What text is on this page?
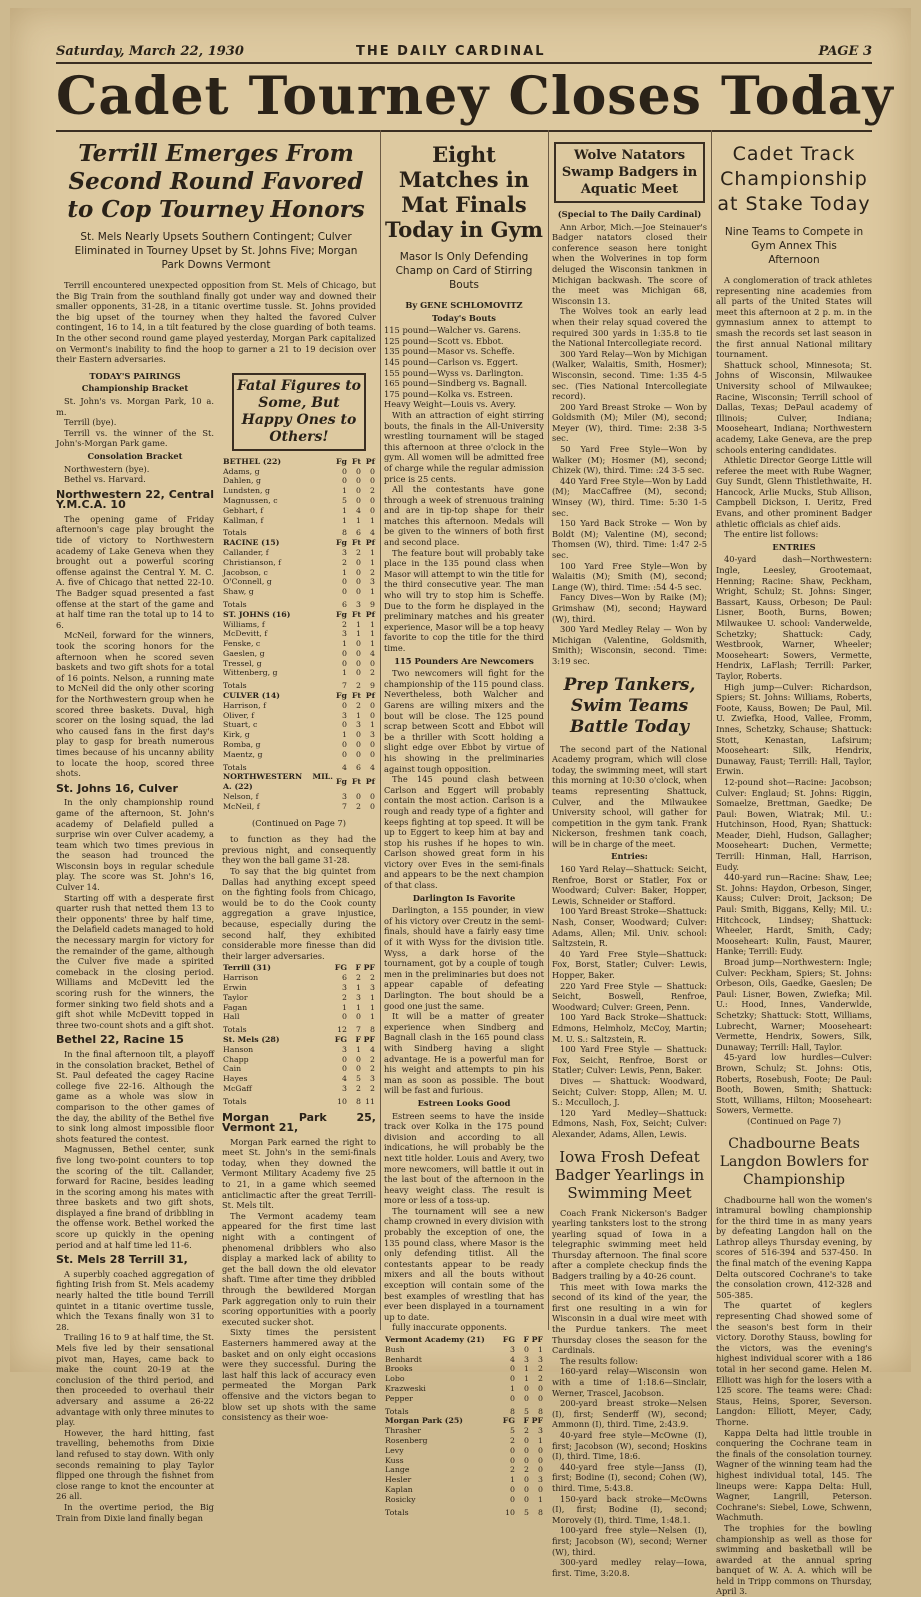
Saturday, March 22, 1930	THE DAILY CARDINAL	PAGE 3
Cadet Tourney Closes Today
Terrill Emerges From Second Round Favored to Cop Tourney Honors
St. Mels Nearly Upsets Southern Contingent; Culver Eliminated in Tourney Upset by St. Johns Five; Morgan Park Downs Vermont

Terrill encountered unexpected opposition from St. Mels of Chicago, but the Big Train from the southland finally got under way and downed their smaller opponents, 31-28, in a titanic overtime tussle. St. Johns provided the big upset of the tourney when they halted the favored Culver contingent, 16 to 14, in a tilt featured by the close guarding of both teams. In the other second round game played yesterday, Morgan Park capitalized on Vermont's inability to find the hoop to garner a 21 to 19 decision over their Eastern adversaries.

TODAY'S PAIRINGS
Championship Bracket

St. John's vs. Morgan Park, 10 a. m.

Terrill (bye).

Terrill vs. the winner of the St. John's-Morgan Park game.

Consolation Bracket

Northwestern (bye).

Bethel vs. Harvard.

Northwestern 22, Central Y.M.C.A. 10

The opening game of Friday afternoon's cage play brought the tide of victory to Northwestern academy of Lake Geneva when they brought out a powerful scoring offense against the Central Y. M. C. A. five of Chicago that netted 22-10. The Badger squad presented a fast offense at the start of the game and at half time ran the total up to 14 to 6.

McNeil, forward for the winners, took the scoring honors for the afternoon when he scored seven baskets and two gift shots for a total of 16 points. Nelson, a running mate to McNeil did the only other scoring for the Northwestern group when he scored three baskets. Duval, high scorer on the losing squad, the lad who caused fans in the first day's play to gasp for breath numerous times because of his uncanny ability to locate the hoop, scored three shots.

St. Johns 16, Culver

In the only championship round game of the afternoon, St. John's academy of Delafield pulled a surprise win over Culver academy, a team which two times previous in the season had trounced the Wisconsin boys in regular schedule play. The score was St. John's 16, Culver 14.

Starting off with a desperate first quarter rush that netted them 13 to their opponents' three by half time, the Delafield cadets managed to hold the necessary margin for victory for the remainder of the game, although the Culver five made a spirited comeback in the closing period. Williams and McDevitt led the scoring rush for the winners, the former sinking two field shots and a gift shot while McDevitt topped in three two-count shots and a gift shot.

Bethel 22, Racine 15

In the final afternoon tilt, a playoff in the consolation bracket, Bethel of St. Paul defeated the cagey Racine college five 22-16. Although the game as a whole was slow in comparison to the other games of the day, the ability of the Bethel five to sink long almost impossible floor shots featured the contest.

Magnussen, Bethel center, sunk five long two-point counters to top the scoring of the tilt. Callander, forward for Racine, besides leading in the scoring among his mates with three baskets and two gift shots, displayed a fine brand of dribbling in the offense work. Bethel worked the score up quickly in the opening period and at half time led 11-6.

St. Mels 28 Terrill 31,

A superbly coached aggregation of fighting Irish from St. Mels academy nearly halted the title bound Terrill quintet in a titanic overtime tussle, which the Texans finally won 31 to 28.

Trailing 16 to 9 at half time, the St. Mels five led by their sensational pivot man, Hayes, came back to make the count 20-19 at the conclusion of the third period, and then proceeded to overhaul their adversary and assume a 26-22 advantage with only three minutes to play.

However, the hard hitting, fast travelling, behemoths from Dixie land refused to stay down. With only seconds remaining to play Taylor flipped one through the fishnet from close range to knot the encounter at 26 all.

In the overtime period, the Big Train from Dixie land finally began

Fatal Figures to Some, But Happy Ones to Others!
BETHEL (22)	Fg	Ft	Pf
Adams, g	0	0	0
Dahlen, g	0	0	0
Lundsten, g	1	0	2
Magnussen, c	5	0	0
Gebhart, f	1	4	0
Kallman, f	1	1	1
Totals	8	6	4
RACINE (15)	Fg	Ft	Pf
Callander, f	3	2	1
Christianson, f	2	0	1
Jacobson, c	1	0	2
O'Connell, g	0	0	3
Shaw, g	0	0	1
Totals	6	3	9
ST. JOHNS (16)	Fg	Ft	Pf
Williams, f	2	1	1
McDevitt, f	3	1	1
Fenske, c	1	0	1
Gaeslen, g	0	0	4
Tressel, g	0	0	0
Wittenberg, g	1	0	2
Totals	7	2	9
CULVER (14)	Fg	Ft	Pf
Harrison, f	0	2	0
Oliver, f	3	1	0
Stuart, c	0	3	1
Kirk, g	1	0	3
Romba, g	0	0	0
Maentz, g	0	0	0
Totals	4	6	4
NORTHWESTERN MIL. A. (22)	Fg	Ft	Pf
Nelson, f	3	0	0
McNeil, f	7	2	0
(Continued on Page 7)

to function as they had the previous night, and consequently they won the ball game 31-28.

To say that the big quintet from Dallas had anything except speed on the fighting fools from Chicago, would be to do the Cook county aggregation a grave injustice, because, especially during the second half, they exhibited considerable more finesse than did their larger adversaries.

Terrill (31)	FG	F	PF
Harrison	6	2	2
Erwin	3	1	3
Taylor	2	3	1
Fagan	1	1	1
Hall	0	0	1
Totals	12	7	8
St. Mels (28)	FG	F	PF
Hanson	3	1	4
Chapp	0	0	2
Cain	0	0	2
Hayes	4	5	3
McGaff	3	2	2
Totals	10	8	11
Morgan Park 25, Vermont 21,

Morgan Park earned the right to meet St. John's in the semi-finals today, when they downed the Vermont Military Academy five 25 to 21, in a game which seemed anticlimactic after the great Terrill-St. Mels tilt.

The Vermont academy team appeared for the first time last night with a contingent of phenomenal dribblers who also display a marked lack of ability to get the ball down the old elevator shaft. Time after time they dribbled through the bewildered Morgan Park aggregation only to ruin their scoring opportunities with a poorly executed sucker shot.

Sixty times the persistent Easterners hammered away at the basket and on only eight occasions were they successful. During the last half this lack of accuracy even permeated the Morgan Park offensive and the victors began to blow set up shots with the same consistency as their woe-

Eight Matches in Mat Finals Today in Gym
Masor Is Only Defending Champ on Card of Stirring Bouts
By GENE SCHLOMOVITZ
Today's Bouts
115 pound—Walcher vs. Garens.
125 pound—Scott vs. Ebbot.
135 pound—Masor vs. Scheffe.
145 pound—Carlson vs. Eggert.
155 pound—Wyss vs. Darlington.
165 pound—Sindberg vs. Bagnall.
175 pound—Kolka vs. Estreen.
Heavy Weight—Louis vs. Avery.

With an attraction of eight stirring bouts, the finals in the All-University wrestling tournament will be staged this afternoon at three o'clock in the gym. All women will be admitted free of charge while the regular admission price is 25 cents.

All the contestants have gone through a week of strenuous training and are in tip-top shape for their matches this afternoon. Medals will be given to the winners of both first and second place.

The feature bout will probably take place in the 135 pound class when Masor will attempt to win the title for the third consecutive year. The man who will try to stop him is Scheffe. Due to the form he displayed in the preliminary matches and his greater experience, Masor will be a top heavy favorite to cop the title for the third time.

115 Pounders Are Newcomers

Two newcomers will fight for the championship of the 115 pound class. Nevertheless, both Walcher and Garens are willing mixers and the bout will be close. The 125 pound scrap between Scott and Ebbot will be a thriller with Scott holding a slight edge over Ebbot by virtue of his showing in the preliminaries against tough opposition.

The 145 pound clash between Carlson and Eggert will probably contain the most action. Carlson is a rough and ready type of a fighter and keeps fighting at top speed. It will be up to Eggert to keep him at bay and stop his rushes if he hopes to win. Carlson showed great form in his victory over Eves in the semi-finals and appears to be the next champion of that class.

Darlington Is Favorite

Darlington, a 155 pounder, in view of his victory over Creutz in the semi-finals, should have a fairly easy time of it with Wyss for the division title. Wyss, a dark horse of the tournament, got by a couple of tough men in the preliminaries but does not appear capable of defeating Darlington. The bout should be a good one just the same.

It will be a matter of greater experience when Sindberg and Bagnall clash in the 165 pound class with Sindberg having a slight advantage. He is a powerful man for his weight and attempts to pin his man as soon as possible. The bout will be fast and furious.

Estreen Looks Good

Estreen seems to have the inside track over Kolka in the 175 pound division and according to all indications, he will probably be the next title holder. Louis and Avery, two more newcomers, will battle it out in the last bout of the afternoon in the heavy weight class. The result is more or less of a toss-up.

The tournament will see a new champ crowned in every division with probably the exception of one, the 135 pound class, where Masor is the only defending titlist. All the contestants appear to be ready mixers and all the bouts without exception will contain some of the best examples of wrestling that has ever been displayed in a tournament up to date.

fully inaccurate opponents.

Vermont Academy (21)	FG	F	PF
Bush	3	0	1
Benhardt	4	3	3
Brooks	0	1	2
Lobo	0	1	2
Krazweski	1	0	0
Pepper	0	0	0
Totals	8	5	8
Morgan Park (25)	FG	F	PF
Thrasher	5	2	3
Rosenberg	2	0	1
Levy	0	0	0
Kuss	0	0	0
Lange	2	2	0
Hesler	1	0	3
Kaplan	0	0	0
Rosicky	0	0	1
Totals	10	5	8
Wolve Natators Swamp Badgers in Aquatic Meet
(Special to The Daily Cardinal)

Ann Arbor, Mich.—Joe Steinauer's Badger natators closed their conference season here tonight when the Wolverines in top form deluged the Wisconsin tankmen in Michigan backwash. The score of the meet was Michigan 68, Wisconsin 13.

The Wolves took an early lead when their relay squad covered the required 300 yards in 1:35.8 to tie the National Intercollegiate record.

300 Yard Relay—Won by Michigan (Walker, Walaitis, Smith, Hosmer); Wisconsin, second. Time: 1:35 4-5 sec. (Ties National Intercollegiate record).

200 Yard Breast Stroke — Won by Goldsmith (M); Miler (M), second; Meyer (W), third. Time: 2:38 3-5 sec.

50 Yard Free Style—Won by Walker (M); Hosmer (M), second; Chizek (W), third. Time: :24 3-5 sec.

440 Yard Free Style—Won by Ladd (M); MacCaffree (M), second; Winsey (W), third. Time: 5:30 1-5 sec.

150 Yard Back Stroke — Won by Boldt (M); Valentine (M), second; Thomsen (W), third. Time: 1:47 2-5 sec.

100 Yard Free Style—Won by Walaitis (M); Smith (M), second; Lange (W), third. Time: :54 4-5 sec.

Fancy Dives—Won by Raike (M); Grimshaw (M), second; Hayward (W), third.

300 Yard Medley Relay — Won by Michigan (Valentine, Goldsmith, Smith); Wisconsin, second. Time: 3:19 sec.

Prep Tankers, Swim Teams Battle Today

The second part of the National Academy program, which will close today, the swimming meet, will start this morning at 10:30 o'clock, when teams representing Shattuck, Culver, and the Milwaukee University school, will gather for competition in the gym tank. Frank Nickerson, freshmen tank coach, will be in charge of the meet.

Entries:

160 Yard Relay—Shattuck: Seicht, Renfroe, Borst or Statler, Fox or Woodward; Culver: Baker, Hopper, Lewis, Schneider or Stafford.

100 Yard Breast Stroke—Shattuck: Nash, Conser, Woodward; Culver: Adams, Allen; Mil. Univ. school: Saltzstein, R.

40 Yard Free Style—Shattuck: Fox, Borst, Statler; Culver: Lewis, Hopper, Baker.

220 Yard Free Style — Shattuck: Seicht, Boswell, Renfroe, Woodward; Culver: Green, Penn.

100 Yard Back Stroke—Shattuck: Edmons, Helmholz, McCoy, Martin; M. U. S.: Saltzstein, R.

100 Yard Free Style — Shattuck: Fox, Seicht, Renfroe, Borst or Statler; Culver: Lewis, Penn, Baker.

Dives — Shattuck: Woodward, Seicht; Culver: Stopp, Allen; M. U. S.: Mcculloch, J.

120 Yard Medley—Shattuck: Edmons, Nash, Fox, Seicht; Culver: Alexander, Adams, Allen, Lewis.

Iowa Frosh Defeat Badger Yearlings in Swimming Meet

Coach Frank Nickerson's Badger yearling tanksters lost to the strong yearling squad of Iowa in a telegraphic swimming meet held Thursday afternoon. The final score after a complete checkup finds the Badgers trailing by a 40-26 count.

This meet with Iowa marks the second of its kind of the year, the first one resulting in a win for Wisconsin in a dual wire meet with the Purdue tankers. The meet Thursday closes the season for the Cardinals.

The results follow:

160-yard relay—Wisconsin won with a time of 1:18.6—Sinclair, Werner, Trascel, Jacobson.

200-yard breast stroke—Nelsen (I), first; Senderff (W), second; Ammonn (I), third. Time, 2:43.9.

40-yard free style—McOwne (I), first; Jacobson (W), second; Hoskins (I), third. Time, 18:6.

440-yard free style—Janss (I), first; Bodine (I), second; Cohen (W), third. Time, 5:43.8.

150-yard back stroke—McOwns (I), first; Bodine (I), second; Morovely (I), third. Time, 1:48.1.

100-yard free style—Nelsen (I), first; Jacobson (W), second; Werner (W), third.

300-yard medley relay—Iowa, first. Time, 3:20.8.

Cadet Track Championship at Stake Today
Nine Teams to Compete in Gym Annex This Afternoon

A conglomeration of track athletes representing nine academies from all parts of the United States will meet this afternoon at 2 p. m. in the gymnasium annex to attempt to smash the records set last season in the first annual National military tournament.

Shattuck school, Minnesota; St. Johns of Wisconsin, Milwaukee University school of Milwaukee; Racine, Wisconsin; Terrill school of Dallas, Texas; DePaul academy of Illinois; Culver, Indiana; Mooseheart, Indiana; Northwestern academy, Lake Geneva, are the prep schools entering candidates.

Athletic Director George Little will referee the meet with Rube Wagner, Guy Sundt, Glenn Thistlethwaite, H. Hancock, Arlie Mucks, Stub Allison, Campbell Dickson, I. Ueritz, Fred Evans, and other prominent Badger athletic officials as chief aids.

The entire list follows:

ENTRIES

40-yard dash—Northwestern: Ingle, Leesley, Grootemaat, Henning; Racine: Shaw, Peckham, Wright, Schulz; St. Johns: Singer, Bassart, Kauss, Orbeson; De Paul: Lisner, Booth, Burns, Bowen; Milwaukee U. school: Vanderwelde, Schetzky; Shattuck: Cady, Westbrook, Warner, Wheeler; Mooseheart: Sowers, Vermette, Hendrix, LaFlash; Terrill: Parker, Taylor, Roberts.

High jump—Culver: Richardson, Spiers; St. Johns: Williams, Roberts, Foote, Kauss, Bowen; De Paul, Mil. U. Zwiefka, Hood, Vallee, Fromm, Innes, Schetzky, Schause; Shattuck: Stott, Kenastan, Lafsirum; Mooseheart: Silk, Hendrix, Dunaway, Faust; Terrill: Hall, Taylor, Erwin.

12-pound shot—Racine: Jacobson; Culver: Englaud; St. Johns: Riggin, Somaelze, Brettman, Gaedke; De Paul: Bowen, Wiatrak; Mil. U.: Hutchinson, Hood, Ryan; Shattuck: Meader, Diehl, Hudson, Gallagher; Mooseheart: Duchen, Vermette; Terrill: Hinman, Hall, Harrison, Eudy.

440-yard run—Racine: Shaw, Lee; St. Johns: Haydon, Orbeson, Singer, Kauss; Culver: Droit, Jackson; De Paul: Smith, Biggans, Kelly; Mil. U.: Hitchcock, Lindsey; Shattuck: Wheeler, Hardt, Smith, Cady; Mooseheart: Kulin, Faust, Maurer, Hanke; Terrill: Eudy.

Broad jump—Northwestern: Ingle; Culver: Peckham, Spiers; St. Johns: Orbeson, Oils, Gaedke, Gaeslen; De Paul: Lisner, Bowen, Zwiefka; Mil. U.: Hood, Innes, Vanderwlde, Schetzky; Shattuck: Stott, Williams, Lubrecht, Warner; Mooseheart: Vermette, Hendrix, Sowers, Silk, Dunaway; Terrill: Hall, Taylor.

45-yard low hurdles—Culver: Brown, Schulz; St. Johns: Otis, Roberts, Rosebush, Foote; De Paul: Booth, Bowen, Smith; Shattuck: Stott, Williams, Hilton; Mooseheart: Sowers, Vermette.

(Continued on Page 7)
Chadbourne Beats Langdon Bowlers for Championship

Chadbourne hall won the women's intramural bowling championship for the third time in as many years by defeating Langdon hall on the Lathrop alleys Thursday evening, by scores of 516-394 and 537-450. In the final match of the evening Kappa Delta outscored Cochrane's to take the consolation crown, 412-328 and 505-385.

The quartet of keglers representing Chad showed some of the season's best form in their victory. Dorothy Stauss, bowling for the victors, was the evening's highest individual scorer with a 186 total in her second game. Helen M. Elliott was high for the losers with a 125 score. The teams were: Chad: Staus, Heins, Sporer, Severson. Langdon: Elliott, Meyer, Cady, Thorne.

Kappa Delta had little trouble in conquering the Cochrane team in the finals of the consolation tourney. Wagner of the winning team had the highest individual total, 145. The lineups were: Kappa Delta: Hull, Wagner, Langrill, Peterson. Cochrane's: Siebel, Lowe, Schwenn, Wachmuth.

The trophies for the bowling championship as well as those for swimming and basketball will be awarded at the annual spring banquet of W. A. A. which will be held in Tripp commons on Thursday, April 3.
